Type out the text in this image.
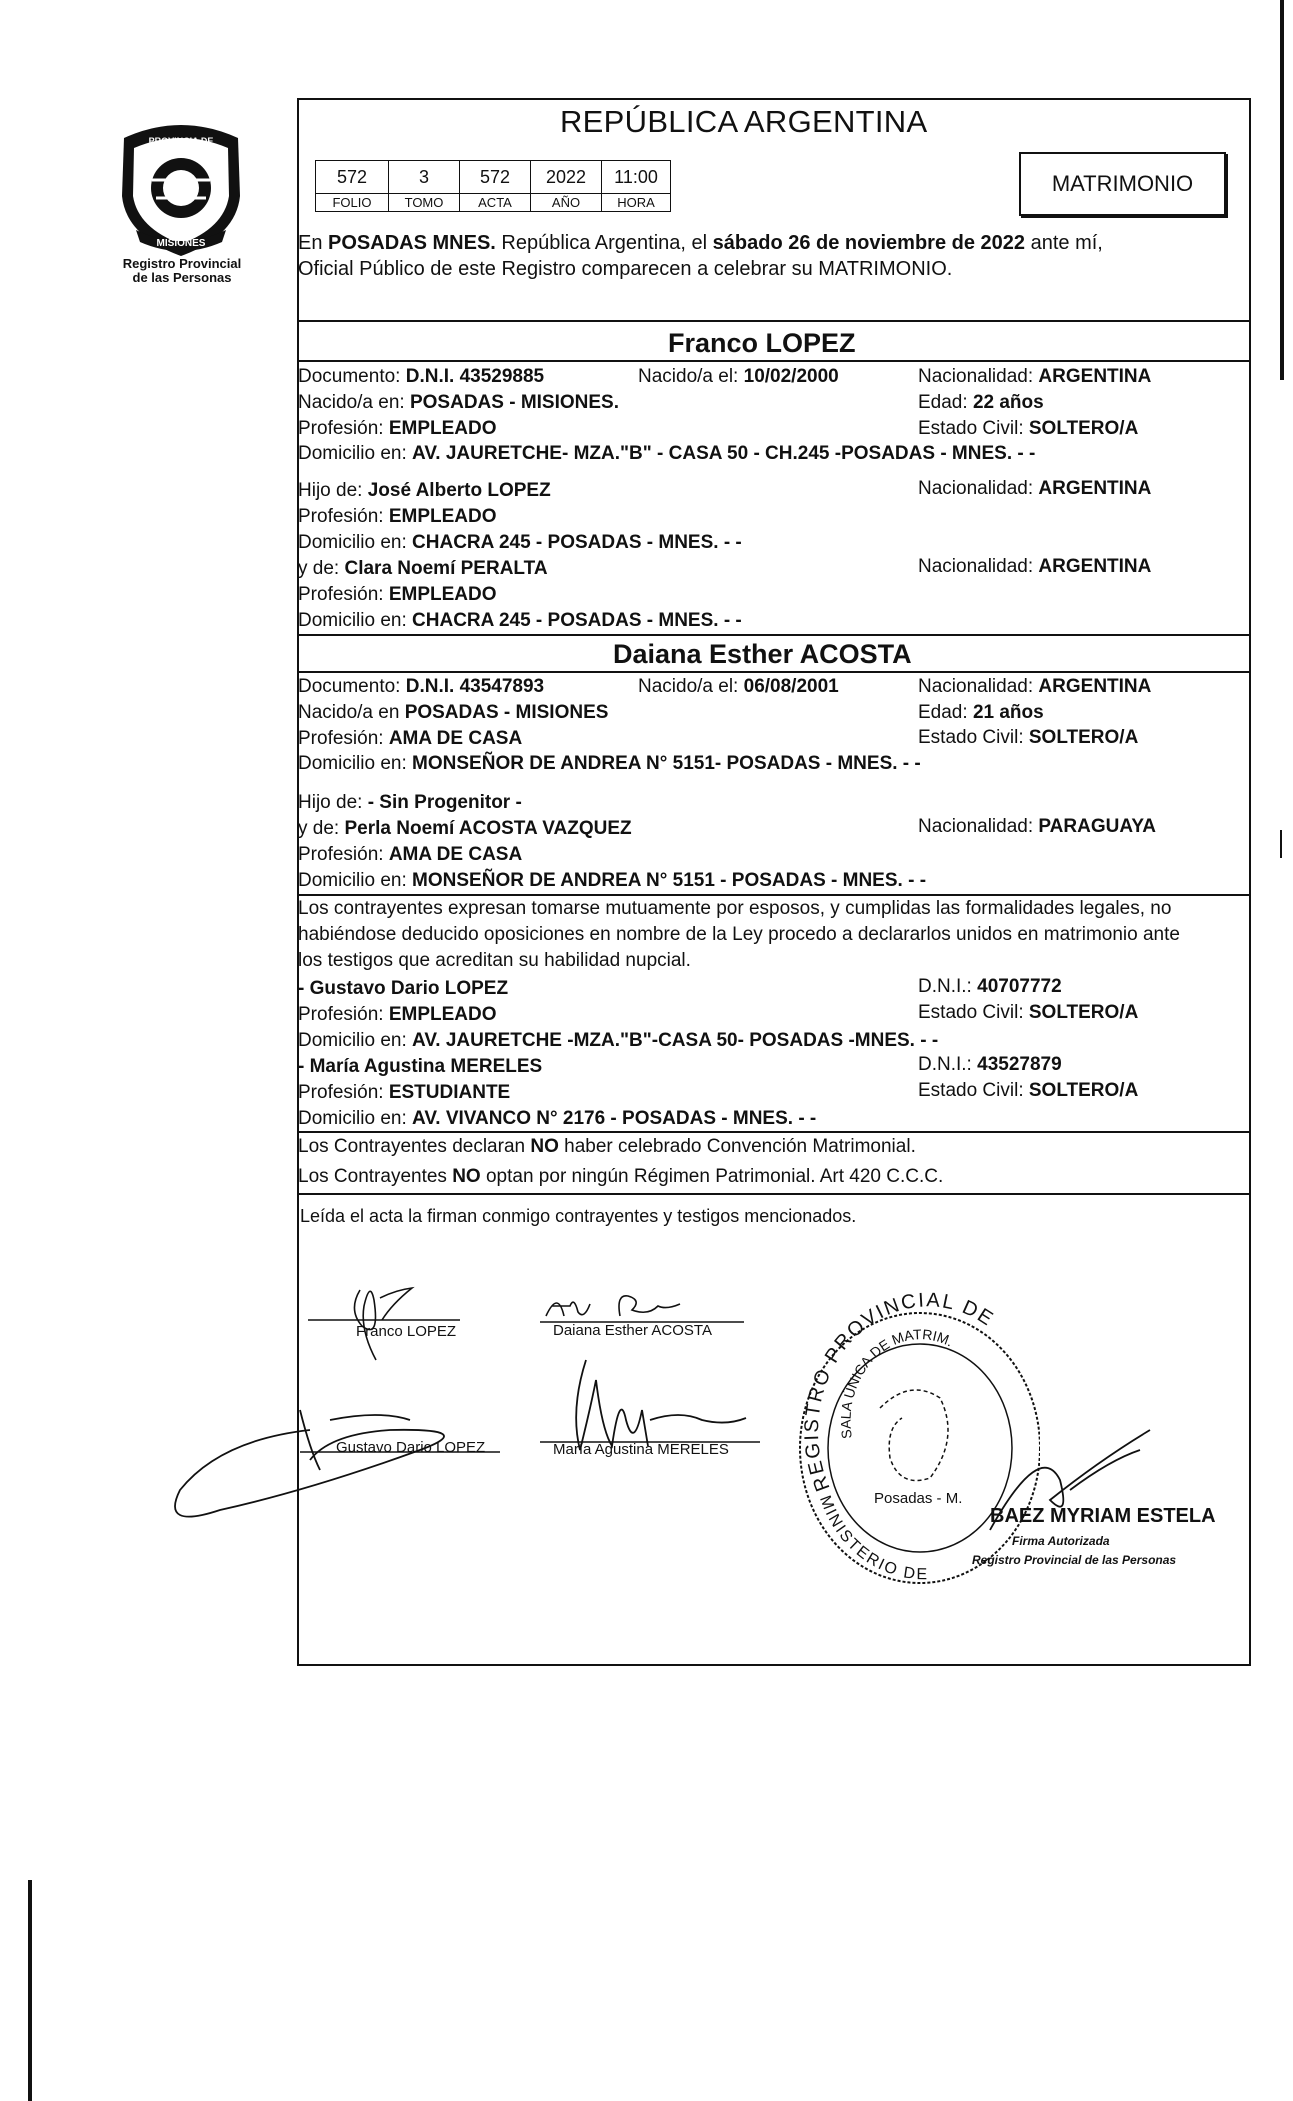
PROVINCIA DE
MISIONES
Registro Provincial
de las Personas
REPÚBLICA ARGENTINA
572	3	572	2022	11:00
FOLIO	TOMO	ACTA	AÑO	HORA
MATRIMONIO
En POSADAS MNES. República Argentina, el sábado 26 de noviembre de 2022 ante mí,
Oficial Público de este Registro comparecen a celebrar su MATRIMONIO.
Franco LOPEZ
Documento: D.N.I. 43529885	Nacido/a el: 10/02/2000	Nacionalidad: ARGENTINA
Nacido/a en: POSADAS - MISIONES.	Edad: 22 años
Profesión: EMPLEADO	Estado Civil: SOLTERO/A
Domicilio en: AV. JAURETCHE- MZA."B" - CASA 50 - CH.245 -POSADAS - MNES. - -
Hijo de: José Alberto LOPEZ	Nacionalidad: ARGENTINA
Profesión: EMPLEADO
Domicilio en: CHACRA 245 - POSADAS - MNES. - -
y de: Clara Noemí PERALTA	Nacionalidad: ARGENTINA
Profesión: EMPLEADO
Domicilio en: CHACRA 245 - POSADAS - MNES. - -
Daiana Esther ACOSTA
Documento: D.N.I. 43547893	Nacido/a el: 06/08/2001	Nacionalidad: ARGENTINA
Nacido/a en POSADAS - MISIONES	Edad: 21 años
Profesión: AMA DE CASA	Estado Civil: SOLTERO/A
Domicilio en: MONSEÑOR DE ANDREA N° 5151- POSADAS - MNES. - -
Hijo de: - Sin Progenitor -
y de: Perla Noemí ACOSTA VAZQUEZ	Nacionalidad: PARAGUAYA
Profesión: AMA DE CASA
Domicilio en: MONSEÑOR DE ANDREA N° 5151 - POSADAS - MNES. - -
Los contrayentes expresan tomarse mutuamente por esposos, y cumplidas las formalidades legales, no
habiéndose deducido oposiciones en nombre de la Ley procedo a declararlos unidos en matrimonio ante
los testigos que acreditan su habilidad nupcial.
- Gustavo Dario LOPEZ	D.N.I.: 40707772
Profesión: EMPLEADO	Estado Civil: SOLTERO/A
Domicilio en: AV. JAURETCHE -MZA."B"-CASA 50- POSADAS -MNES. - -
- María Agustina MERELES	D.N.I.: 43527879
Profesión: ESTUDIANTE	Estado Civil: SOLTERO/A
Domicilio en: AV. VIVANCO N° 2176 - POSADAS - MNES. - -
Los Contrayentes declaran NO haber celebrado Convención Matrimonial.
Los Contrayentes NO optan por ningún Régimen Patrimonial. Art 420 C.C.C.
Leída el acta la firman conmigo contrayentes y testigos mencionados.
Franco LOPEZ	Daiana Esther ACOSTA
Gustavo Dario LOPEZ	María Agustina MERELES
REGISTRO PROVINCIAL DE
SALA ÚNICA DE MATRIM.
MINISTERIO DE
Posadas - M.
BAEZ MYRIAM ESTELA
Firma Autorizada
Registro Provincial de las Personas
